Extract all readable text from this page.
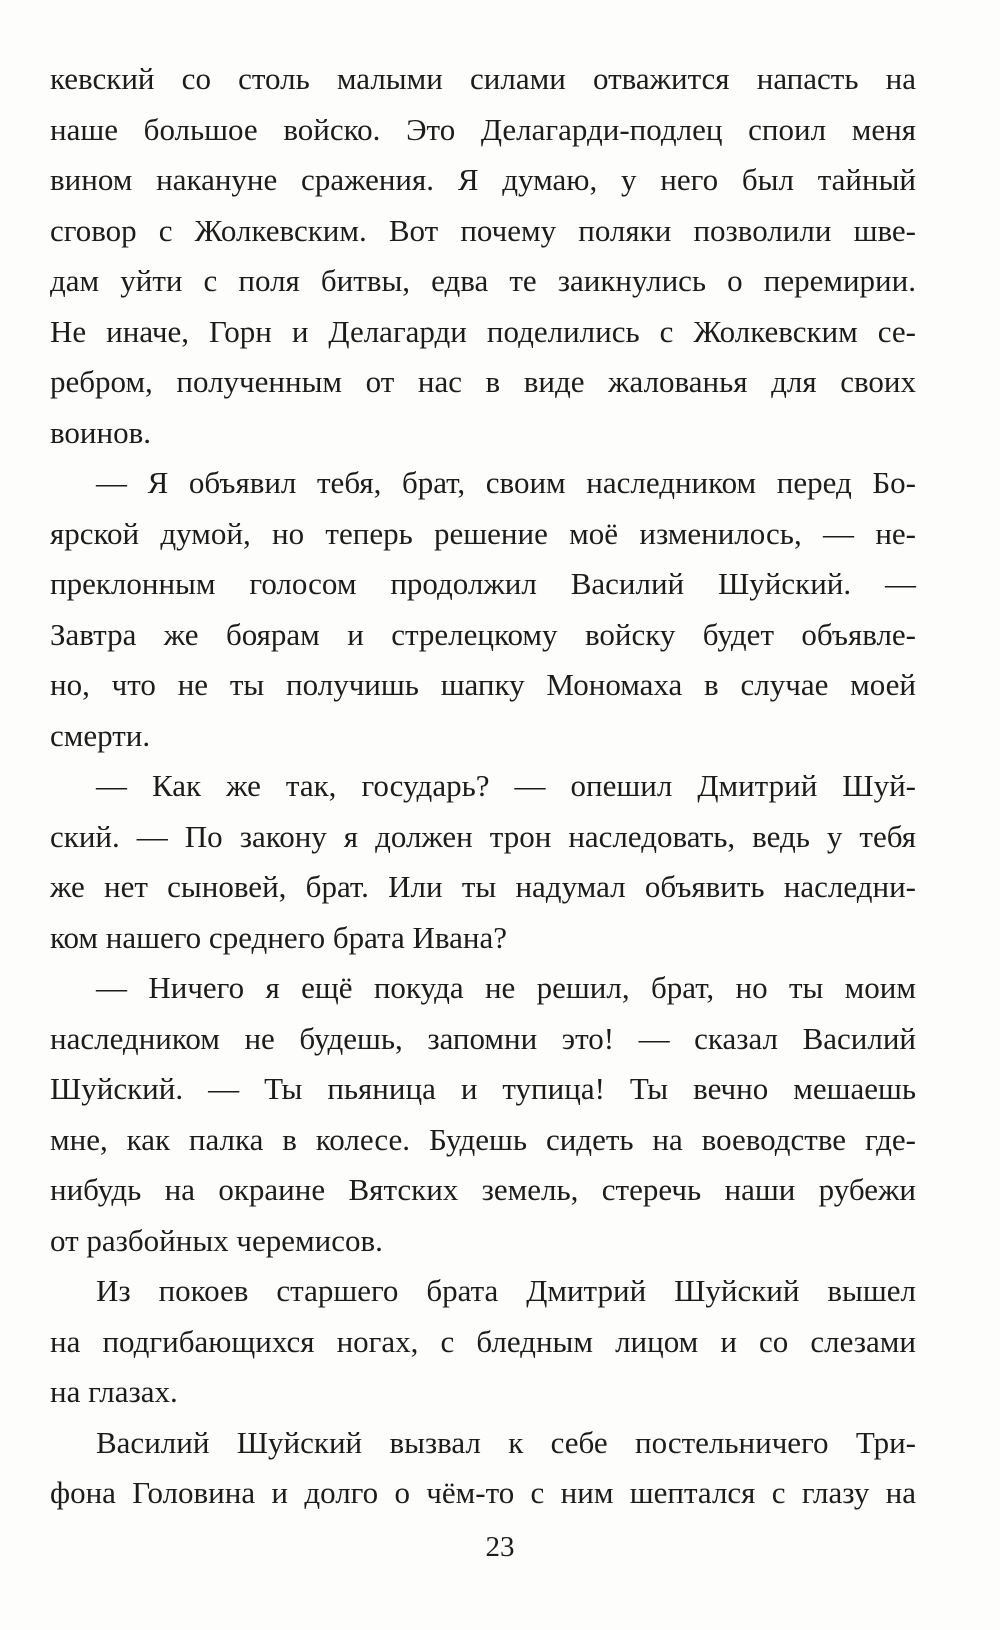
кевский со столь малыми силами отважится напасть на
наше большое войско. Это Делагарди-подлец споил меня
вином накануне сражения. Я думаю, у него был тайный
сговор с Жолкевским. Вот почему поляки позволили шве-
дам уйти с поля битвы, едва те заикнулись о перемирии.
Не иначе, Горн и Делагарди поделились с Жолкевским се-
ребром, полученным от нас в виде жалованья для своих
воинов.

— Я объявил тебя, брат, своим наследником перед Бо-
ярской думой, но теперь решение моё изменилось, — не-
преклонным голосом продолжил Василий Шуйский. —
Завтра же боярам и стрелецкому войску будет объявле-
но, что не ты получишь шапку Мономаха в случае моей
смерти.

— Как же так, государь? — опешил Дмитрий Шуй-
ский. — По закону я должен трон наследовать, ведь у тебя
же нет сыновей, брат. Или ты надумал объявить наследни-
ком нашего среднего брата Ивана?

— Ничего я ещё покуда не решил, брат, но ты моим
наследником не будешь, запомни это! — сказал Василий
Шуйский. — Ты пьяница и тупица! Ты вечно мешаешь
мне, как палка в колесе. Будешь сидеть на воеводстве где-
нибудь на окраине Вятских земель, стеречь наши рубежи
от разбойных черемисов.

Из покоев старшего брата Дмитрий Шуйский вышел
на подгибающихся ногах, с бледным лицом и со слезами
на глазах.

Василий Шуйский вызвал к себе постельничего Три-
фона Головина и долго о чём-то с ним шептался с глазу на

23
